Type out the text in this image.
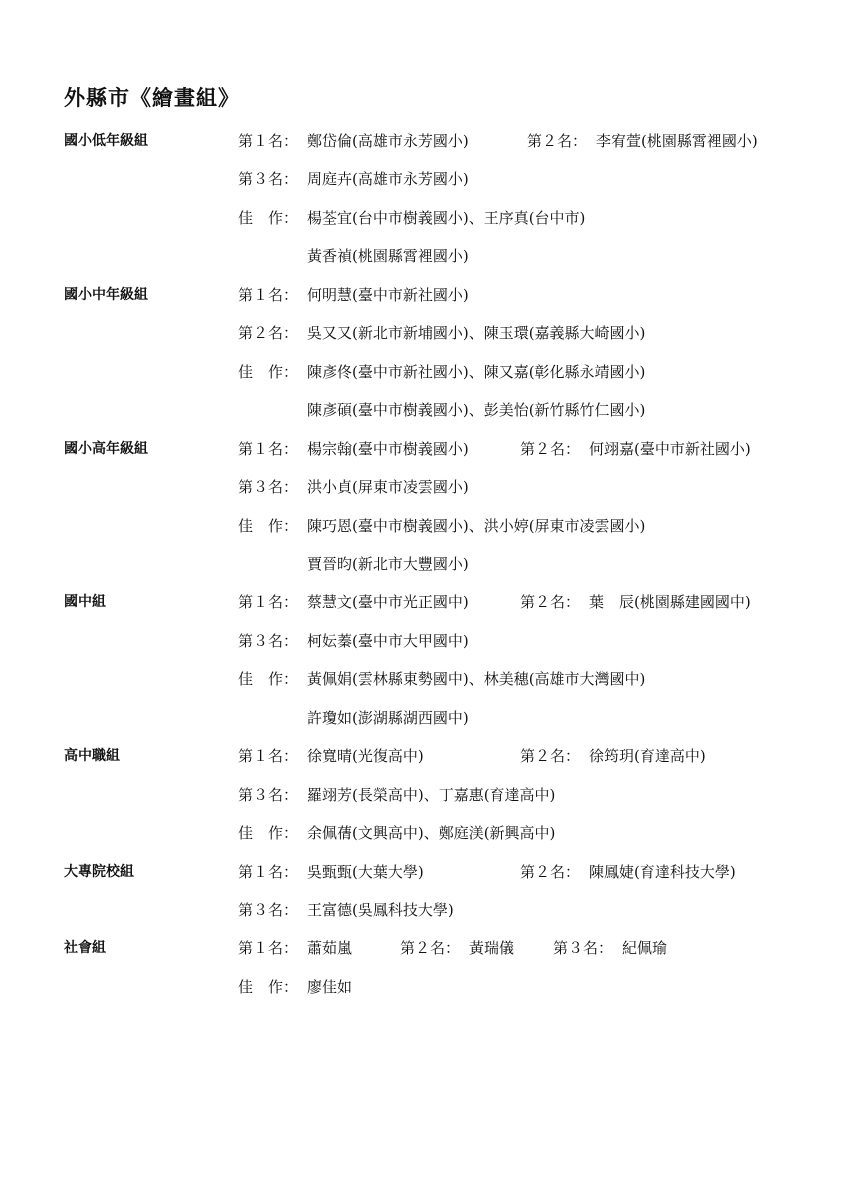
外縣市《繪畫組》
國小低年級組	第１名： 鄭岱倫(高雄市永芳國小)	第２名： 李宥萱(桃園縣霄裡國小)
第３名： 周庭卉(高雄市永芳國小)
佳　作： 楊荃宜(台中市樹義國小)、王序真(台中市)
黃香禎(桃園縣霄裡國小)
國小中年級組	第１名： 何明慧(臺中市新社國小)
第２名： 吳又又(新北市新埔國小)、陳玉環(嘉義縣大崎國小)
佳　作： 陳彥佟(臺中市新社國小)、陳又嘉(彰化縣永靖國小)
陳彥碩(臺中市樹義國小)、彭美怡(新竹縣竹仁國小)
國小高年級組	第１名： 楊宗翰(臺中市樹義國小)	第２名： 何翊嘉(臺中市新社國小)
第３名： 洪小貞(屏東市凌雲國小)
佳　作： 陳巧恩(臺中市樹義國小)、洪小婷(屏東市凌雲國小)
賈晉昀(新北市大豐國小)
國中組	第１名： 蔡慧文(臺中市光正國中)	第２名： 葉　辰(桃園縣建國國中)
第３名： 柯妘蓁(臺中市大甲國中)
佳　作： 黃佩娟(雲林縣東勢國中)、林美穗(高雄市大灣國中)
許瓊如(澎湖縣湖西國中)
高中職組	第１名： 徐寬晴(光復高中)	第２名： 徐筠玥(育達高中)
第３名： 羅翊芳(長榮高中)、丁嘉惠(育達高中)
佳　作： 余佩蒨(文興高中)、鄭庭渼(新興高中)
大專院校組	第１名： 吳甄甄(大葉大學)	第２名： 陳鳳婕(育達科技大學)
第３名： 王富德(吳鳳科技大學)
社會組	第１名： 蕭茹嵐	第２名： 黃瑞儀	第３名： 紀佩瑜
佳　作： 廖佳如
